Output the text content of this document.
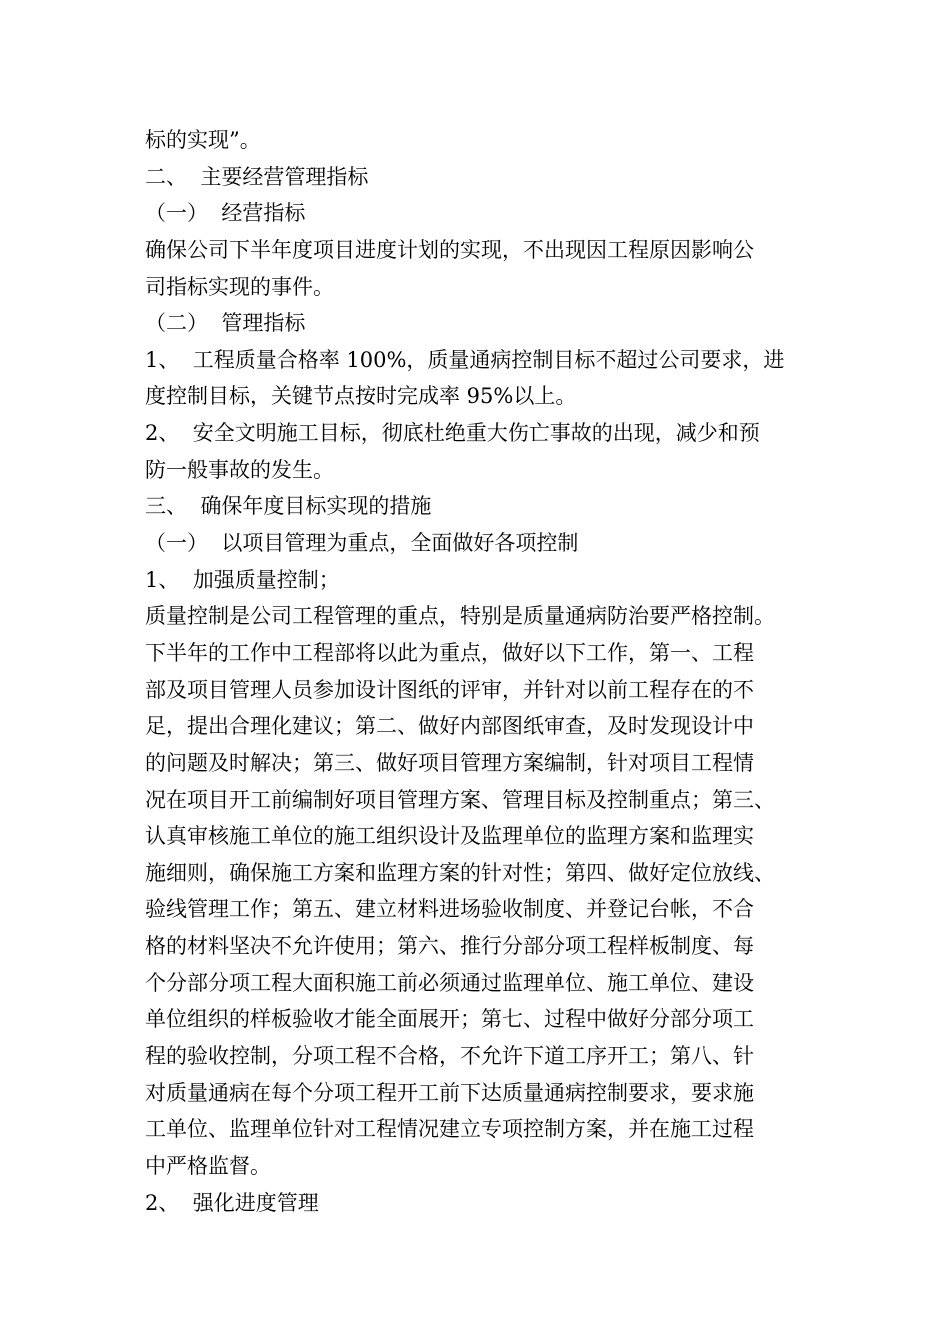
标的实现”。
二、  主要经营管理指标
（一）  经营指标
确保公司下半年度项目进度计划的实现，不出现因工程原因影响公
司指标实现的事件。
（二）  管理指标
1、  工程质量合格率 100%，质量通病控制目标不超过公司要求，进
度控制目标，关键节点按时完成率 95%以上。
2、  安全文明施工目标，彻底杜绝重大伤亡事故的出现，减少和预
防一般事故的发生。
三、  确保年度目标实现的措施
（一）  以项目管理为重点，全面做好各项控制
1、  加强质量控制；
质量控制是公司工程管理的重点，特别是质量通病防治要严格控制。
下半年的工作中工程部将以此为重点，做好以下工作，第一、工程
部及项目管理人员参加设计图纸的评审，并针对以前工程存在的不
足，提出合理化建议；第二、做好内部图纸审查，及时发现设计中
的问题及时解决；第三、做好项目管理方案编制，针对项目工程情
况在项目开工前编制好项目管理方案、管理目标及控制重点；第三、
认真审核施工单位的施工组织设计及监理单位的监理方案和监理实
施细则，确保施工方案和监理方案的针对性；第四、做好定位放线、
验线管理工作；第五、建立材料进场验收制度、并登记台帐，不合
格的材料坚决不允许使用；第六、推行分部分项工程样板制度、每
个分部分项工程大面积施工前必须通过监理单位、施工单位、建设
单位组织的样板验收才能全面展开；第七、过程中做好分部分项工
程的验收控制，分项工程不合格，不允许下道工序开工；第八、针
对质量通病在每个分项工程开工前下达质量通病控制要求，要求施
工单位、监理单位针对工程情况建立专项控制方案，并在施工过程
中严格监督。
2、  强化进度管理
